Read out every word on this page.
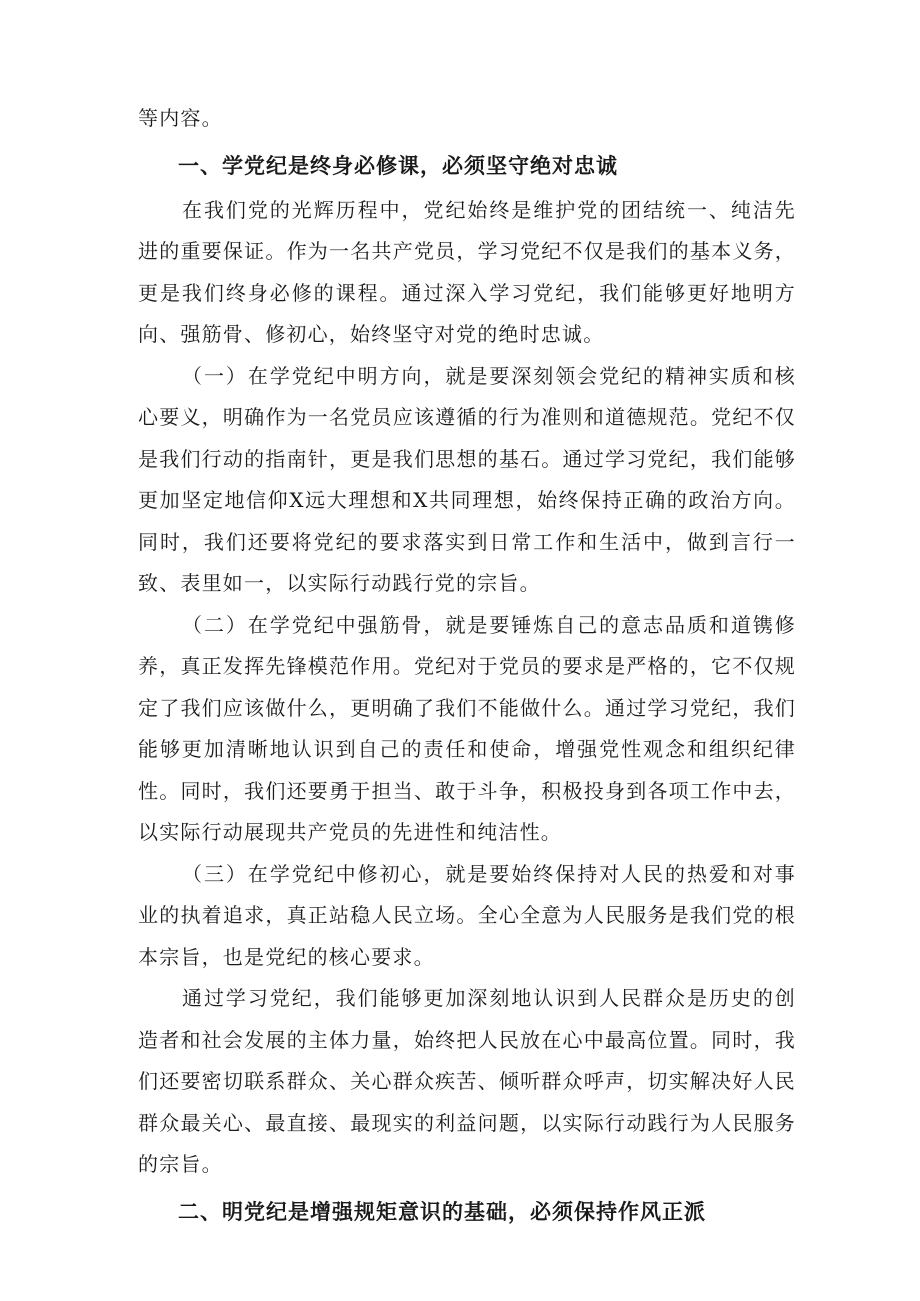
等内容。

一、学党纪是终身必修课，必须坚守绝对忠诚

在我们党的光辉历程中，党纪始终是维护党的团结统一、纯洁先进的重要保证。作为一名共产党员，学习党纪不仅是我们的基本义务，更是我们终身必修的课程。通过深入学习党纪，我们能够更好地明方向、强筋骨、修初心，始终坚守对党的绝时忠诚。

（一）在学党纪中明方向，就是要深刻领会党纪的精神实质和核心要义，明确作为一名党员应该遵循的行为准则和道德规范。党纪不仅是我们行动的指南针，更是我们思想的基石。通过学习党纪，我们能够更加坚定地信仰X远大理想和X共同理想，始终保持正确的政治方向。同时，我们还要将党纪的要求落实到日常工作和生活中，做到言行一致、表里如一，以实际行动践行党的宗旨。

（二）在学党纪中强筋骨，就是要锤炼自己的意志品质和道镌修养，真正发挥先锋模范作用。党纪对于党员的要求是严格的，它不仅规定了我们应该做什么，更明确了我们不能做什么。通过学习党纪，我们能够更加清晰地认识到自己的责任和使命，增强党性观念和组织纪律性。同时，我们还要勇于担当、敢于斗争，积极投身到各项工作中去，以实际行动展现共产党员的先进性和纯洁性。

（三）在学党纪中修初心，就是要始终保持对人民的热爱和对事业的执着追求，真正站稳人民立场。全心全意为人民服务是我们党的根本宗旨，也是党纪的核心要求。

通过学习党纪，我们能够更加深刻地认识到人民群众是历史的创造者和社会发展的主体力量，始终把人民放在心中最高位置。同时，我们还要密切联系群众、关心群众疾苦、倾听群众呼声，切实解决好人民群众最关心、最直接、最现实的利益问题，以实际行动践行为人民服务的宗旨。

二、明党纪是增强规矩意识的基础，必须保持作风正派
